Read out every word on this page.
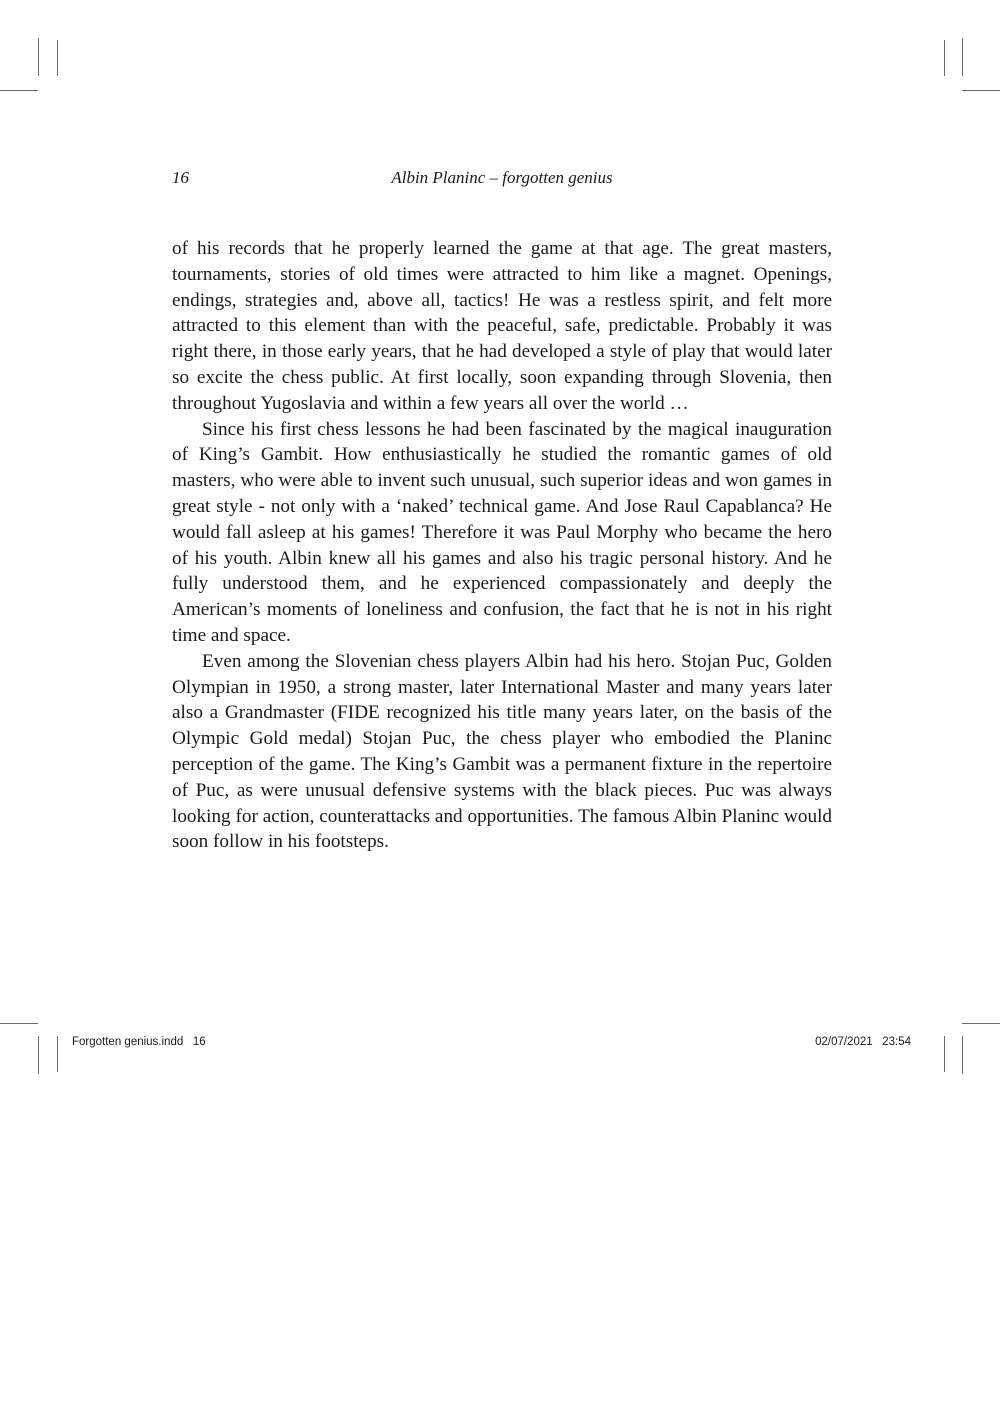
16	Albin Planinc – forgotten genius

of his records that he properly learned the game at that age. The great masters, tournaments, stories of old times were attracted to him like a magnet. Openings, endings, strategies and, above all, tactics! He was a restless spirit, and felt more attracted to this element than with the peaceful, safe, predictable. Probably it was right there, in those early years, that he had developed a style of play that would later so excite the chess public. At first locally, soon expanding through Slovenia, then throughout Yugoslavia and within a few years all over the world …

Since his first chess lessons he had been fascinated by the magical inauguration of King’s Gambit. How enthusiastically he studied the romantic games of old masters, who were able to invent such unusual, such superior ideas and won games in great style - not only with a ‘naked’ technical game. And Jose Raul Capablanca? He would fall asleep at his games! Therefore it was Paul Morphy who became the hero of his youth. Albin knew all his games and also his tragic personal history. And he fully understood them, and he experienced compassionately and deeply the American’s moments of loneliness and confusion, the fact that he is not in his right time and space.

Even among the Slovenian chess players Albin had his hero. Stojan Puc, Golden Olympian in 1950, a strong master, later International Master and many years later also a Grandmaster (FIDE recognized his title many years later, on the basis of the Olympic Gold medal) Stojan Puc, the chess player who embodied the Planinc perception of the game. The King’s Gambit was a permanent fixture in the repertoire of Puc, as were unusual defensive systems with the black pieces. Puc was always looking for action, counterattacks and opportunities. The famous Albin Planinc would soon follow in his footsteps.

Forgotten genius.indd   16	02/07/2021   23:54
